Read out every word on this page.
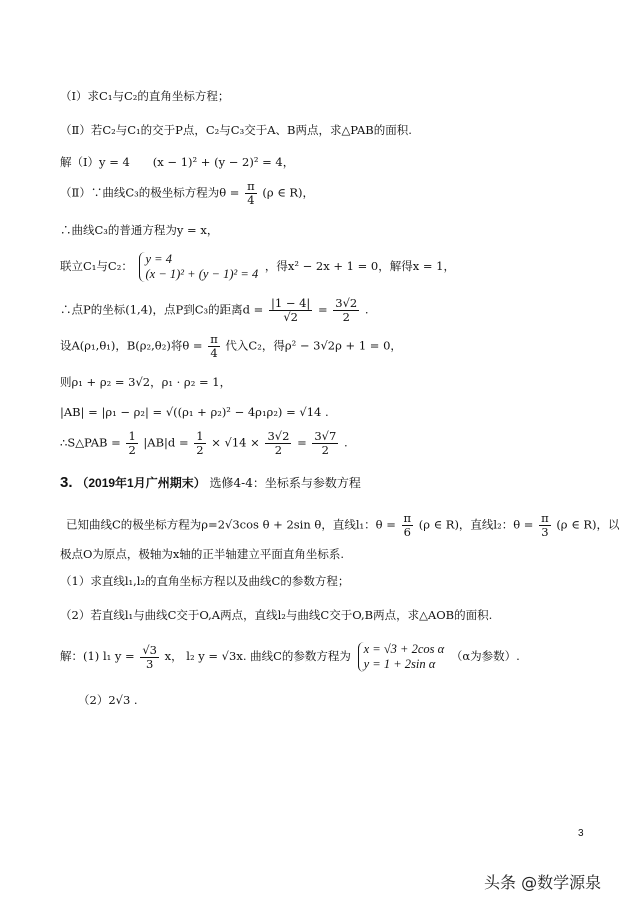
（Ⅰ）求C₁与C₂的直角坐标方程；
（Ⅱ）若C₂与C₁的交于P点，C₂与C₃交于A、B两点，求△PAB的面积.
解（Ⅰ）y = 4　　(x − 1)² + (y − 2)² = 4，
（Ⅱ）∵曲线C₃的极坐标方程为$\theta = \frac{\pi}{4} (\rho$ ∈ R)，
∴曲线C₃的普通方程为y = x，
联立C₁与C₂： y = 4
(x − 1)² + (y − 1)² = 4
，得x² − 2x + 1 = 0，解得x = 1，
∴点P的坐标(1,4)，点P到C₃的距离$d = \frac{|1 - 4|}{√2} = \frac{3√2}{2}$ .
设A(ρ₁,θ₁)，B(ρ₂,θ₂)将$\theta = \frac{\pi}{4}$ 代入C₂，得ρ² − 3√2ρ + 1 = 0，
则ρ₁ + ρ₂ = 3√2，ρ₁ · ρ₂ = 1，
|AB| = |ρ₁ − ρ₂| = √((ρ₁ + ρ₂)² − 4ρ₁ρ₂) = √14 .
∴S△PAB = $\frac{1}{2} |AB|d = \frac{1}{2} \times √14 \times \frac{3√2}{2} = \frac{3√7}{2}$ .
3. （2019年1月广州期末） 选修4-4：坐标系与参数方程
已知曲线C的极坐标方程为ρ=2√3cos θ + 2sin θ，直线l₁：$\theta = \frac{\pi}{6} (\rho$ ∈ R)，直线l₂：$\theta = \frac{\pi}{3} (\rho$ ∈ R)，以
极点O为原点，极轴为x轴的正半轴建立平面直角坐标系.
（1）求直线l₁,l₂的直角坐标方程以及曲线C的参数方程；
（2）若直线l₁与曲线C交于O,A两点，直线l₂与曲线C交于O,B两点，求△AOB的面积.
解：(1) l₁ $y = \frac{√3}{3}$ x， l₂ y = √3x. 曲线C的参数方程为 x = √3 + 2cos α
y = 1 + 2sin α
（α为参数）.
（2）2√3 .
3
头条 @数学源泉
